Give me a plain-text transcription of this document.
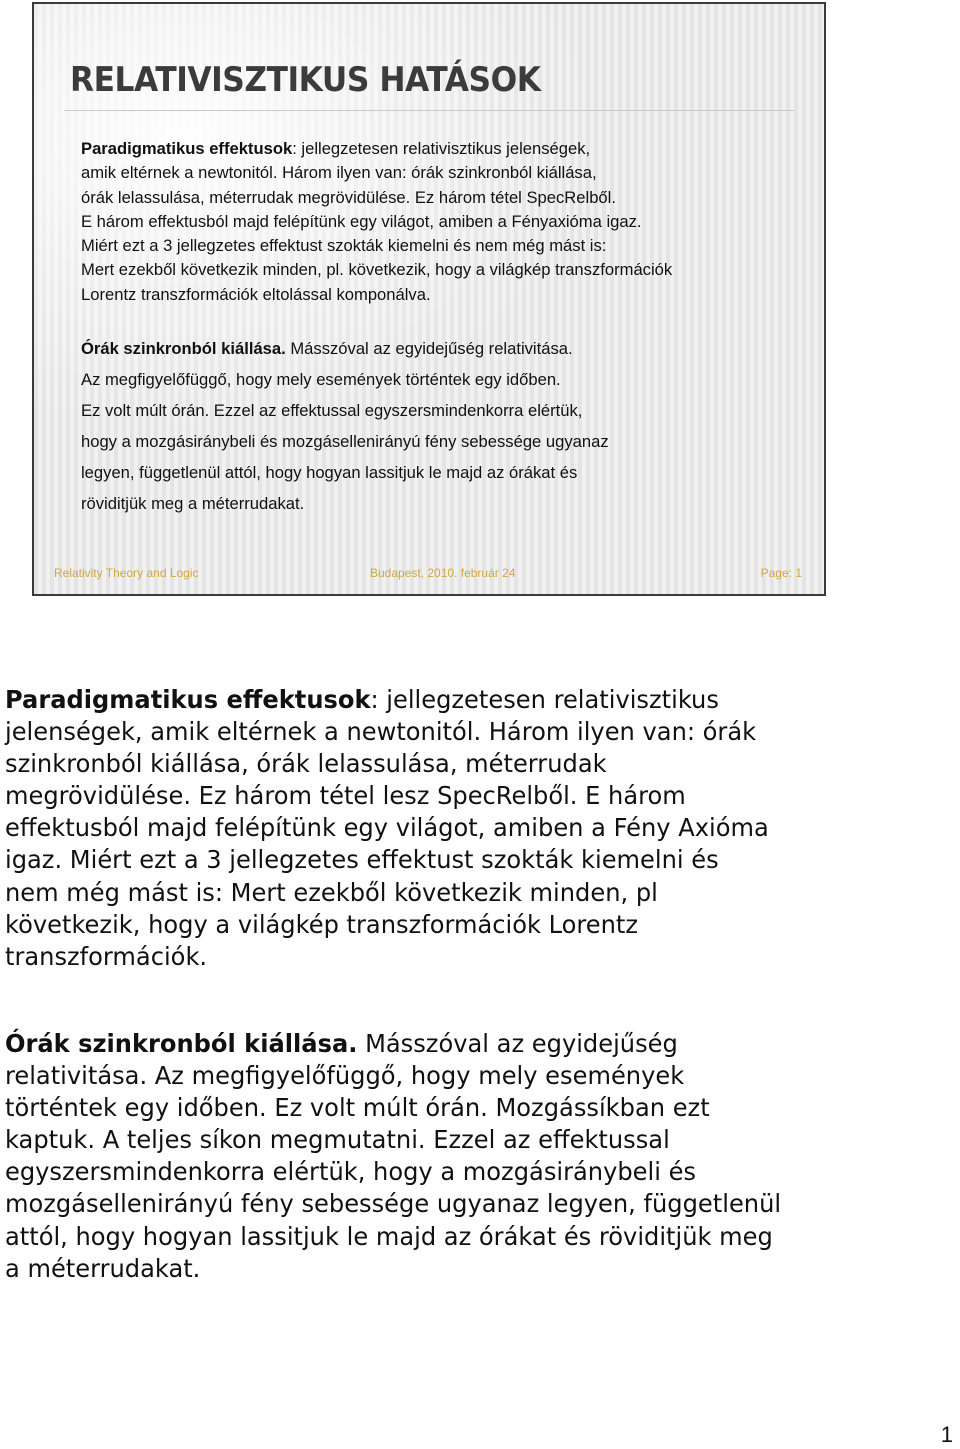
RELATIVISZTIKUS HATÁSOK

Paradigmatikus effektusok: jellegzetesen relativisztikus jelenségek,
amik eltérnek a newtonitól. Három ilyen van: órák szinkronból kiállása,
órák lelassulása, méterrudak megrövidülése. Ez három tétel SpecRelből.
E három effektusból majd felépítünk egy világot, amiben a Fényaxióma igaz.
Miért ezt a 3 jellegzetes effektust szokták kiemelni és nem még mást is:
Mert ezekből következik minden, pl. következik, hogy a világkép transzformációk
Lorentz transzformációk eltolással komponálva.

Órák szinkronból kiállása. Másszóval az egyidejűség relativitása.
Az megfigyelőfüggő, hogy mely események történtek egy időben.
Ez volt múlt órán. Ezzel az effektussal egyszersmindenkorra elértük,
hogy a mozgásiránybeli és mozgásellenirányú fény sebessége ugyanaz
legyen, függetlenül attól, hogy hogyan lassitjuk le majd az órákat és
röviditjük meg a méterrudakat.

Relativity Theory and Logic	Budapest, 2010. február 24	Page: 1

Paradigmatikus effektusok: jellegzetesen relativisztikus
jelenségek, amik eltérnek a newtonitól. Három ilyen van: órák
szinkronból kiállása, órák lelassulása, méterrudak
megrövidülése. Ez három tétel lesz SpecRelből. E három
effektusból majd felépítünk egy világot, amiben a Fény Axióma
igaz. Miért ezt a 3 jellegzetes effektust szokták kiemelni és
nem még mást is: Mert ezekből következik minden, pl
következik, hogy a világkép transzformációk Lorentz
transzformációk.

Órák szinkronból kiállása. Másszóval az egyidejűség
relativitása. Az megfigyelőfüggő, hogy mely események
történtek egy időben. Ez volt múlt órán. Mozgássíkban ezt
kaptuk. A teljes síkon megmutatni. Ezzel az effektussal
egyszersmindenkorra elértük, hogy a mozgásiránybeli és
mozgásellenirányú fény sebessége ugyanaz legyen, függetlenül
attól, hogy hogyan lassitjuk le majd az órákat és röviditjük meg
a méterrudakat.

1
